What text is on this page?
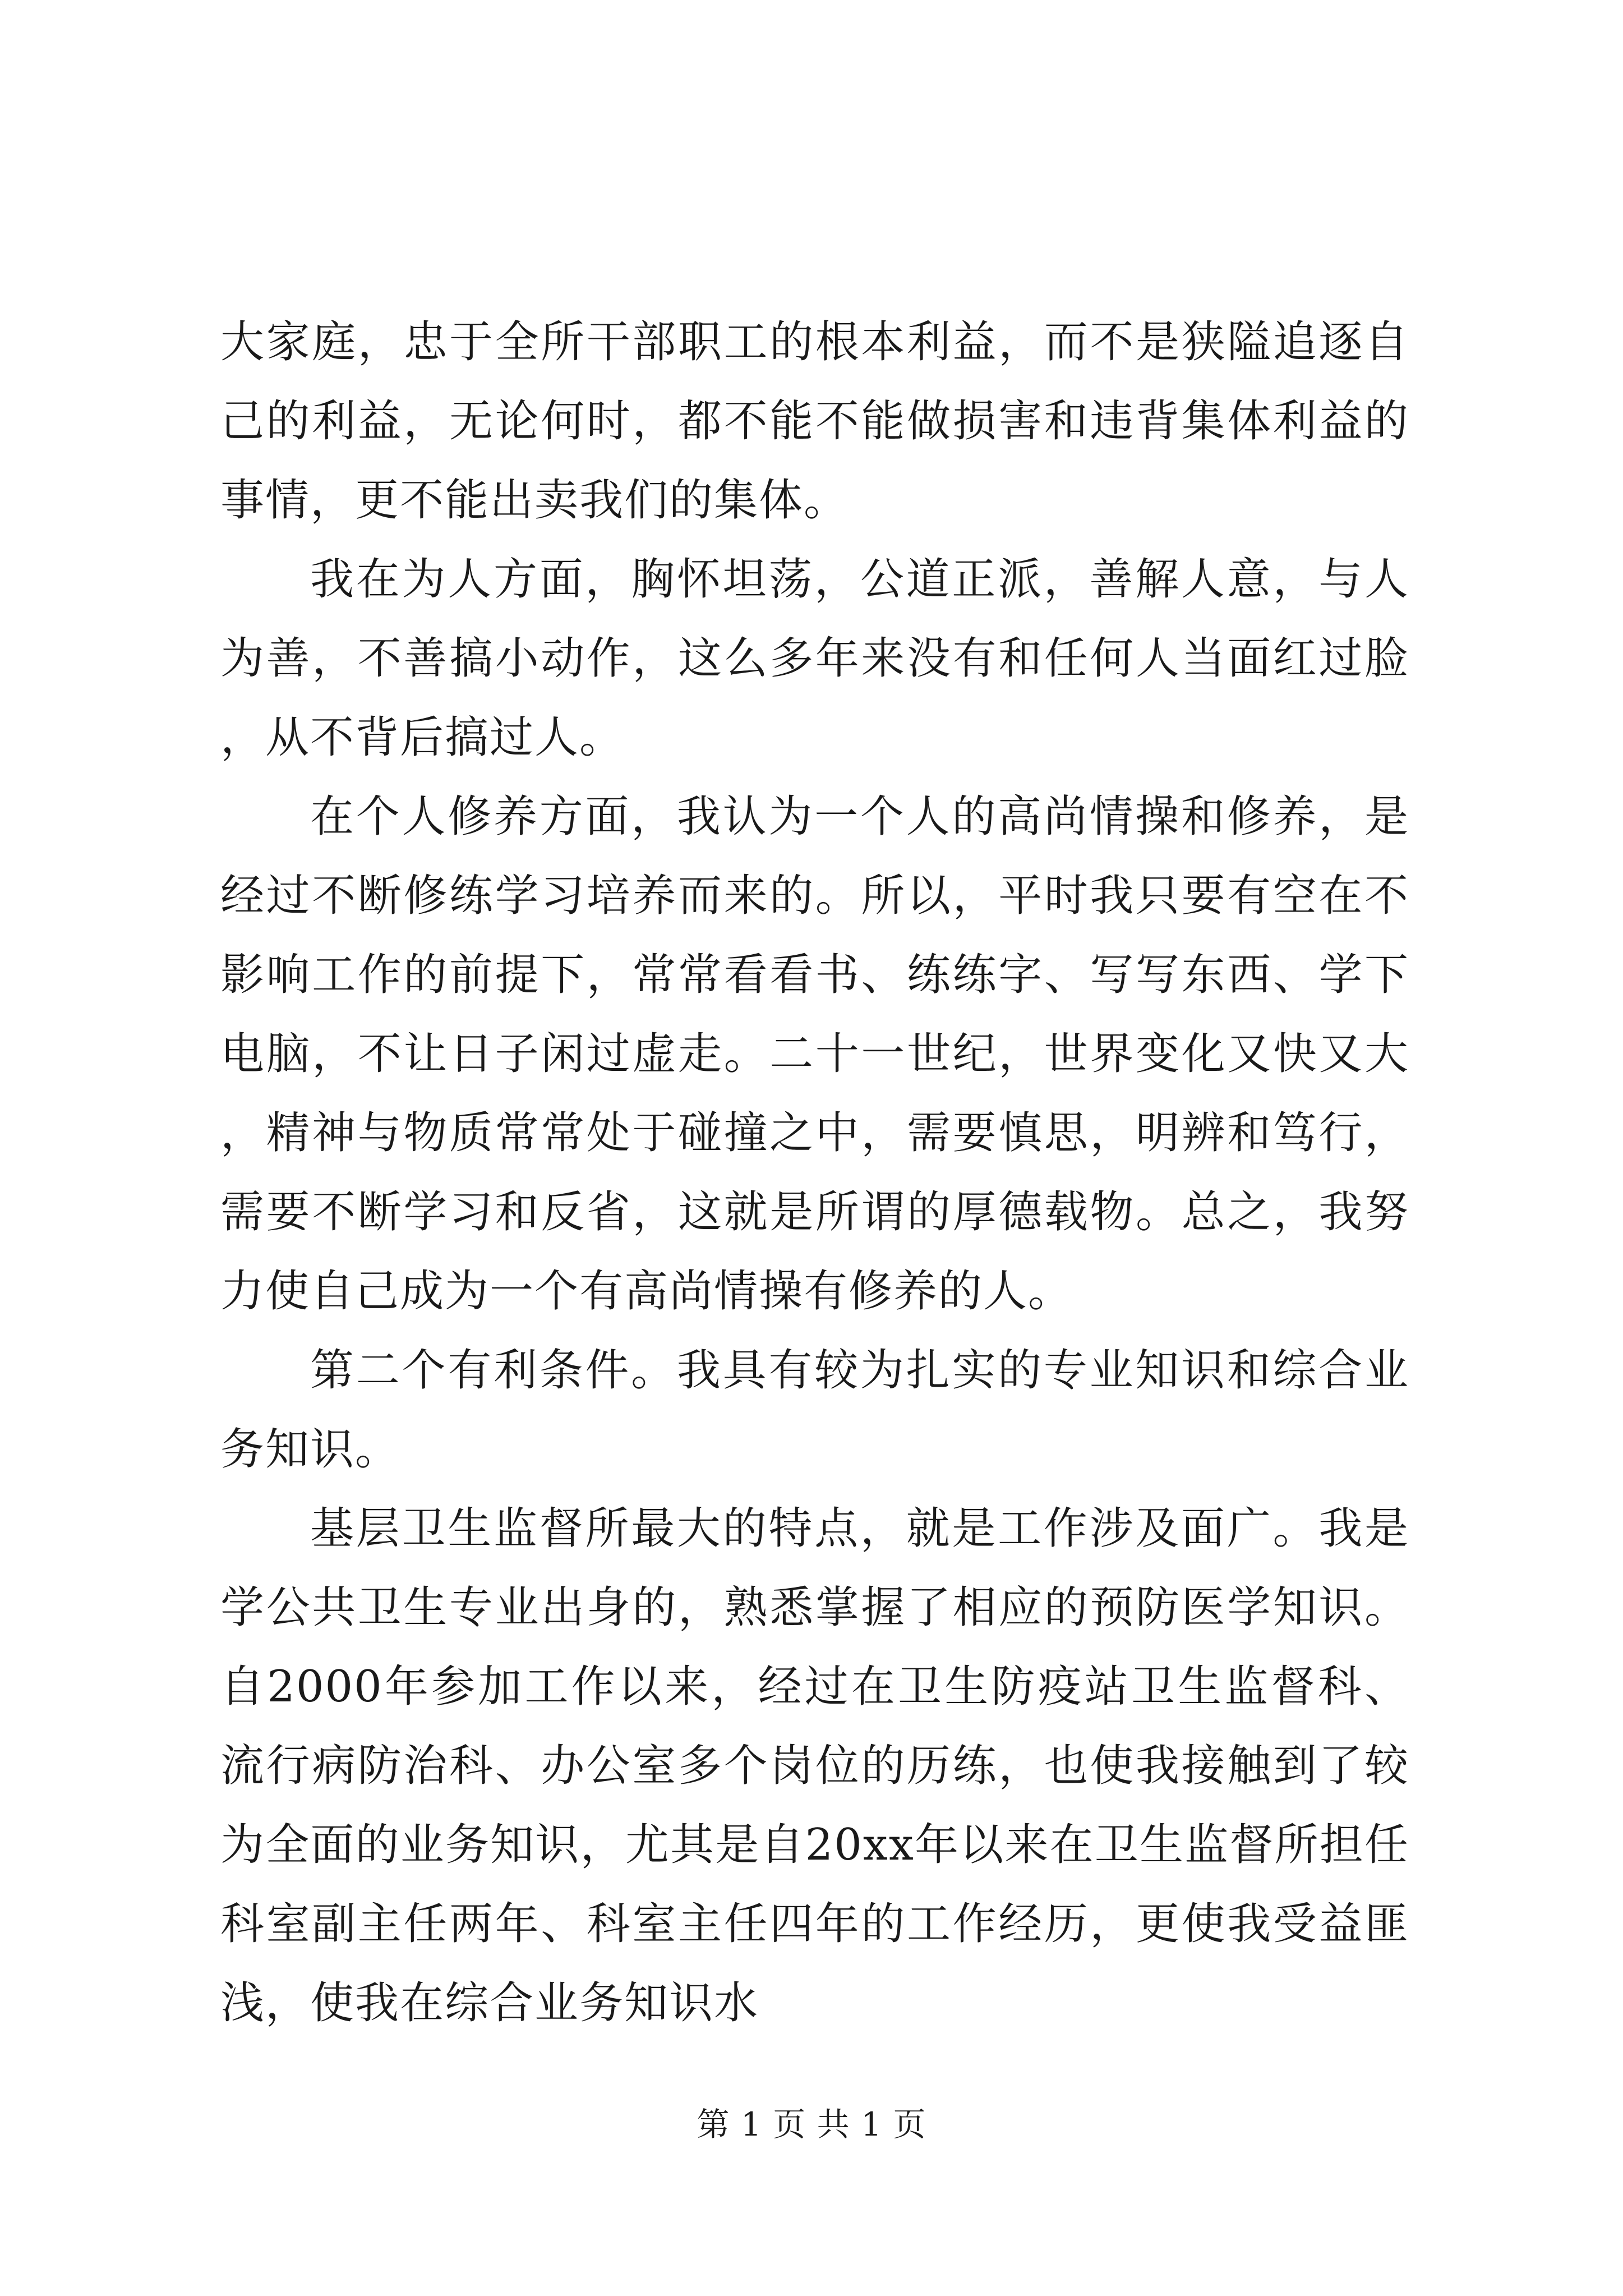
大家庭，忠于全所干部职工的根本利益，而不是狭隘追逐自己的利益，无论何时，都不能不能做损害和违背集体利益的事情，更不能出卖我们的集体。

我在为人方面，胸怀坦荡，公道正派，善解人意，与人为善，不善搞小动作，这么多年来没有和任何人当面红过脸，从不背后搞过人。

在个人修养方面，我认为一个人的高尚情操和修养，是经过不断修练学习培养而来的。所以，平时我只要有空在不影响工作的前提下，常常看看书、练练字、写写东西、学下电脑，不让日子闲过虚走。二十一世纪，世界变化又快又大，精神与物质常常处于碰撞之中，需要慎思，明辨和笃行，需要不断学习和反省，这就是所谓的厚德载物。总之，我努力使自己成为一个有高尚情操有修养的人。

第二个有利条件。我具有较为扎实的专业知识和综合业务知识。

基层卫生监督所最大的特点，就是工作涉及面广。我是学公共卫生专业出身的，熟悉掌握了相应的预防医学知识。自2000年参加工作以来，经过在卫生防疫站卫生监督科、流行病防治科、办公室多个岗位的历练，也使我接触到了较为全面的业务知识，尤其是自20xx年以来在卫生监督所担任科室副主任两年、科室主任四年的工作经历，更使我受益匪浅，使我在综合业务知识水

第 1 页 共 1 页
